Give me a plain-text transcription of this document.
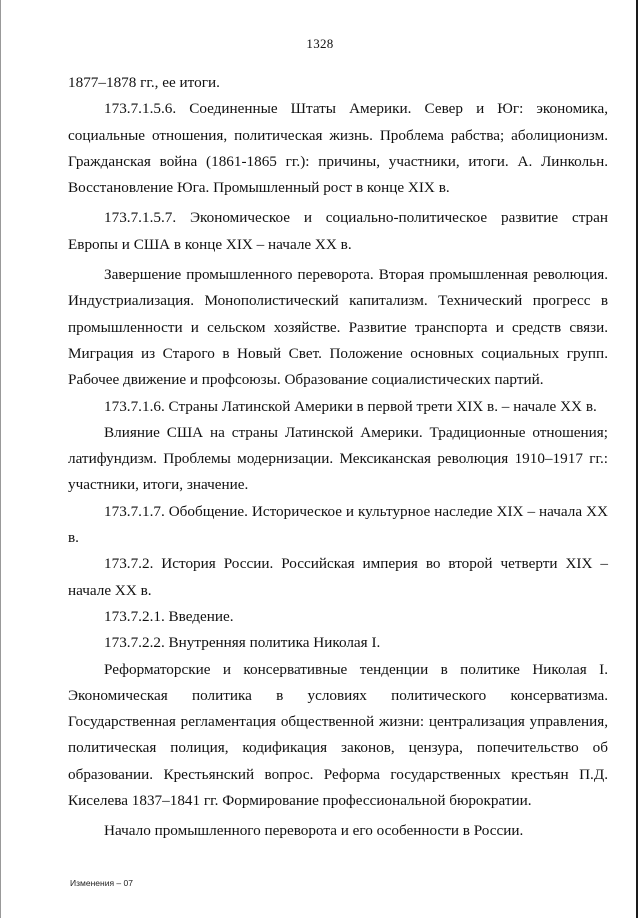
1328

1877–1878 гг., ее итоги.

173.7.1.5.6. Соединенные Штаты Америки. Север и Юг: экономика, социальные отношения, политическая жизнь. Проблема рабства; аболиционизм. Гражданская война (1861-1865 гг.): причины, участники, итоги. А. Линкольн. Восстановление Юга. Промышленный рост в конце XIX в.

173.7.1.5.7. Экономическое и социально-политическое развитие стран Европы и США в конце XIX – начале XX в.

Завершение промышленного переворота. Вторая промышленная революция. Индустриализация. Монополистический капитализм. Технический прогресс в промышленности и сельском хозяйстве. Развитие транспорта и средств связи. Миграция из Старого в Новый Свет. Положение основных социальных групп. Рабочее движение и профсоюзы. Образование социалистических партий.

173.7.1.6. Страны Латинской Америки в первой трети XIX в. – начале XX в.

Влияние США на страны Латинской Америки. Традиционные отношения; латифундизм. Проблемы модернизации. Мексиканская революция 1910–1917 гг.: участники, итоги, значение.

173.7.1.7. Обобщение. Историческое и культурное наследие XIX – начала XX в.

173.7.2. История России. Российская империя во второй четверти XIX – начале XX в.

173.7.2.1. Введение.

173.7.2.2. Внутренняя политика Николая I.

Реформаторские и консервативные тенденции в политике Николая I. Экономическая политика в условиях политического консерватизма. Государственная регламентация общественной жизни: централизация управления, политическая полиция, кодификация законов, цензура, попечительство об образовании. Крестьянский вопрос. Реформа государственных крестьян П.Д. Киселева 1837–1841 гг. Формирование профессиональной бюрократии.

Начало промышленного переворота и его особенности в России.

Изменения – 07
